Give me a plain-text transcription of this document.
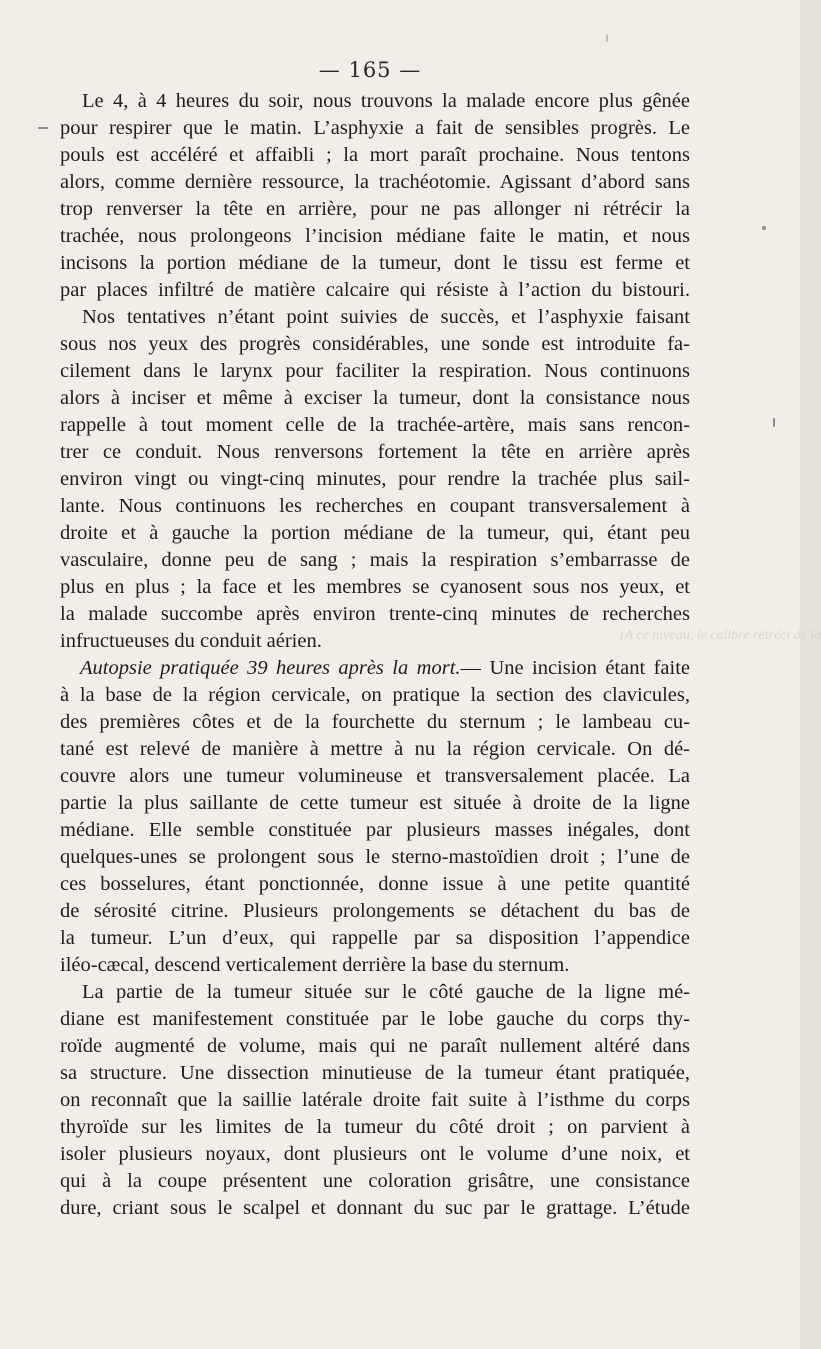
— 165 —
(A ce niveau, le calibre rétréci de la
Le 4, à 4 heures du soir, nous trouvons la malade encore plus gênée
pour respirer que le matin. L’asphyxie a fait de sensibles progrès. Le
pouls est accéléré et affaibli ; la mort paraît prochaine. Nous tentons
alors, comme dernière ressource, la trachéotomie. Agissant d’abord sans
trop renverser la tête en arrière, pour ne pas allonger ni rétrécir la
trachée, nous prolongeons l’incision médiane faite le matin, et nous
incisons la portion médiane de la tumeur, dont le tissu est ferme et
par places infiltré de matière calcaire qui résiste à l’action du bistouri.
Nos tentatives n’étant point suivies de succès, et l’asphyxie faisant
sous nos yeux des progrès considérables, une sonde est introduite fa-
cilement dans le larynx pour faciliter la respiration. Nous continuons
alors à inciser et même à exciser la tumeur, dont la consistance nous
rappelle à tout moment celle de la trachée-artère, mais sans rencon-
trer ce conduit. Nous renversons fortement la tête en arrière après
environ vingt ou vingt-cinq minutes, pour rendre la trachée plus sail-
lante. Nous continuons les recherches en coupant transversalement à
droite et à gauche la portion médiane de la tumeur, qui, étant peu
vasculaire, donne peu de sang ; mais la respiration s’embarrasse de
plus en plus ; la face et les membres se cyanosent sous nos yeux, et
la malade succombe après environ trente-cinq minutes de recherches
infructueuses du conduit aérien.
Autopsie pratiquée 39 heures après la mort.— Une incision étant faite
à la base de la région cervicale, on pratique la section des clavicules,
des premières côtes et de la fourchette du sternum ; le lambeau cu-
tané est relevé de manière à mettre à nu la région cervicale. On dé-
couvre alors une tumeur volumineuse et transversalement placée. La
partie la plus saillante de cette tumeur est située à droite de la ligne
médiane. Elle semble constituée par plusieurs masses inégales, dont
quelques-unes se prolongent sous le sterno-mastoïdien droit ; l’une de
ces bosselures, étant ponctionnée, donne issue à une petite quantité
de sérosité citrine. Plusieurs prolongements se détachent du bas de
la tumeur. L’un d’eux, qui rappelle par sa disposition l’appendice
iléo-cæcal, descend verticalement derrière la base du sternum.
La partie de la tumeur située sur le côté gauche de la ligne mé-
diane est manifestement constituée par le lobe gauche du corps thy-
roïde augmenté de volume, mais qui ne paraît nullement altéré dans
sa structure. Une dissection minutieuse de la tumeur étant pratiquée,
on reconnaît que la saillie latérale droite fait suite à l’isthme du corps
thyroïde sur les limites de la tumeur du côté droit ; on parvient à
isoler plusieurs noyaux, dont plusieurs ont le volume d’une noix, et
qui à la coupe présentent une coloration grisâtre, une consistance
dure, criant sous le scalpel et donnant du suc par le grattage. L’étude
